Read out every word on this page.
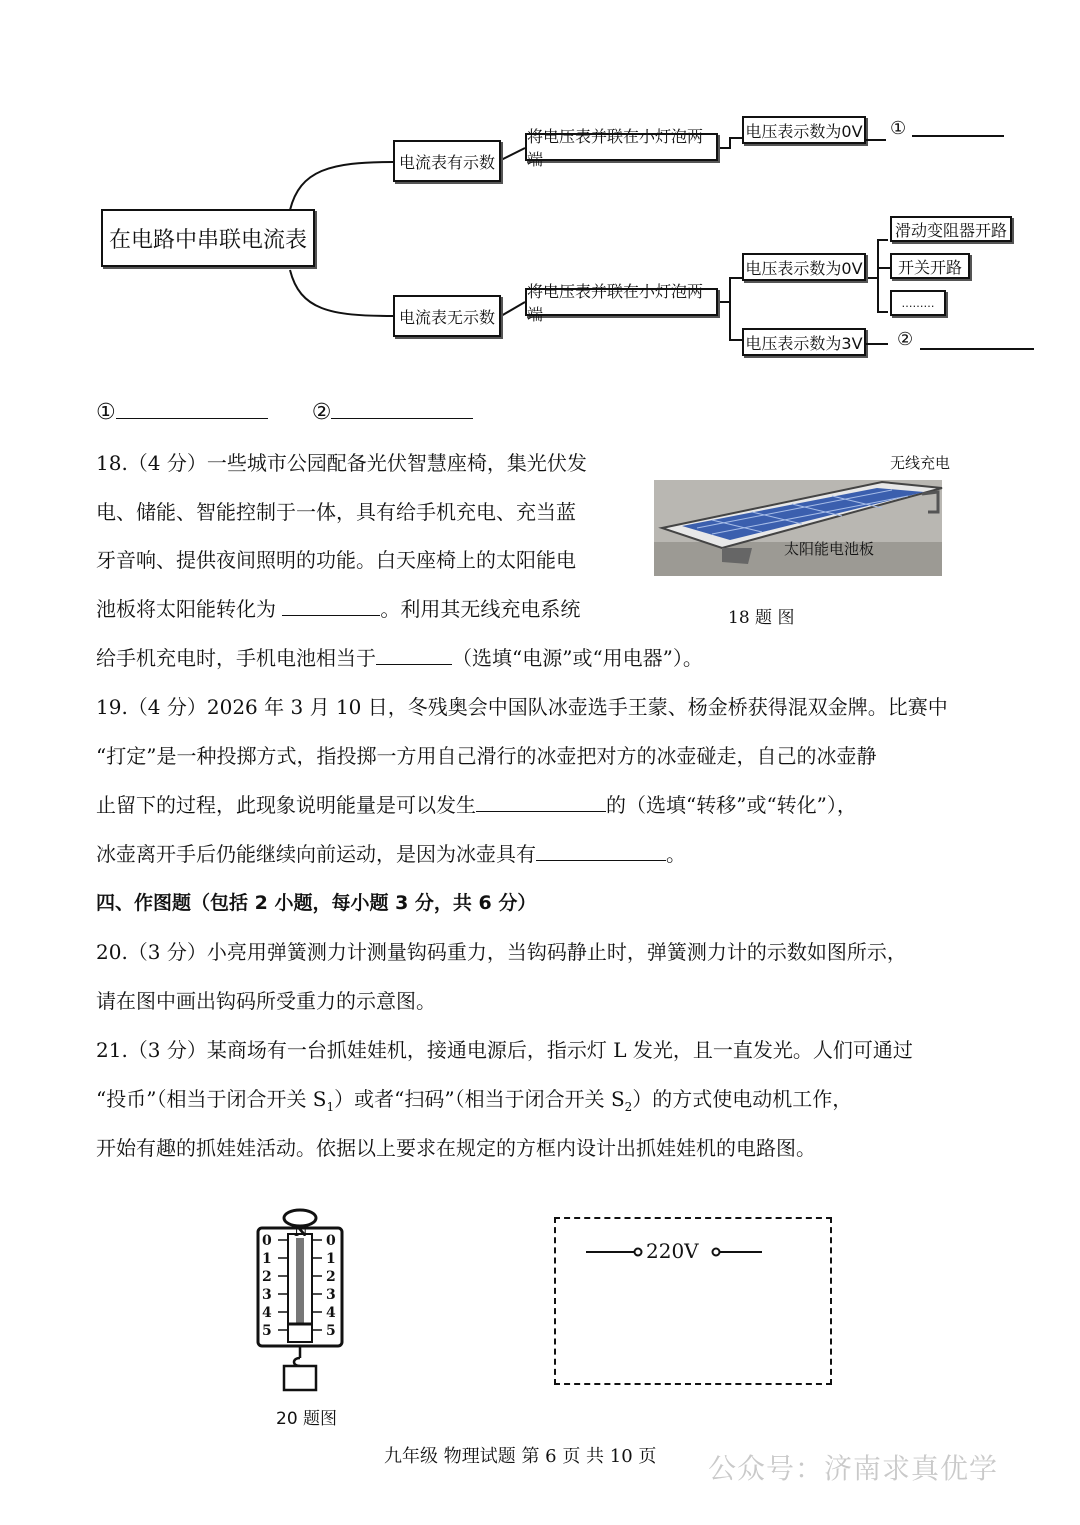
在电路中串联电流表
电流表有示数
电流表无示数
将电压表并联在小灯泡两端
将电压表并联在小灯泡两端
电压表示数为0V ①
电压表示数为0V
电压表示数为3V ②
滑动变阻器开路
开关开路
………
①	②
18.（4 分）一些城市公园配备光伏智慧座椅，集光伏发
电、储能、智能控制于一体，具有给手机充电、充当蓝
牙音响、提供夜间照明的功能。白天座椅上的太阳能电
池板将太阳能转化为	。利用其无线充电系统
给手机充电时，手机电池相当于	（选填“电源”或“用电器”）。
无线充电
太阳能电池板
18 题 图
19.（4 分）2026 年 3 月 10 日，冬残奥会中国队冰壶选手王蒙、杨金桥获得混双金牌。比赛中
“打定”是一种投掷方式，指投掷一方用自己滑行的冰壶把对方的冰壶碰走，自己的冰壶静
止留下的过程，此现象说明能量是可以发生	的（选填“转移”或“转化”），
冰壶离开手后仍能继续向前运动，是因为冰壶具有	。
四、作图题（包括 2 小题，每小题 3 分，共 6 分）
20.（3 分）小亮用弹簧测力计测量钩码重力，当钩码静止时，弹簧测力计的示数如图所示，
请在图中画出钩码所受重力的示意图。
21.（3 分）某商场有一台抓娃娃机，接通电源后，指示灯 L 发光，且一直发光。人们可通过
“投币”（相当于闭合开关 $S_1$）或者“扫码”（相当于闭合开关 $S_2$）的方式使电动机工作，
开始有趣的抓娃娃活动。依据以上要求在规定的方框内设计出抓娃娃机的电路图。
N
0
1
2
3
4
5
0
1
2
3
4
5
20 题图
220V
九年级 物理试题 第 6 页 共 10 页 公众号：济南求真优学
